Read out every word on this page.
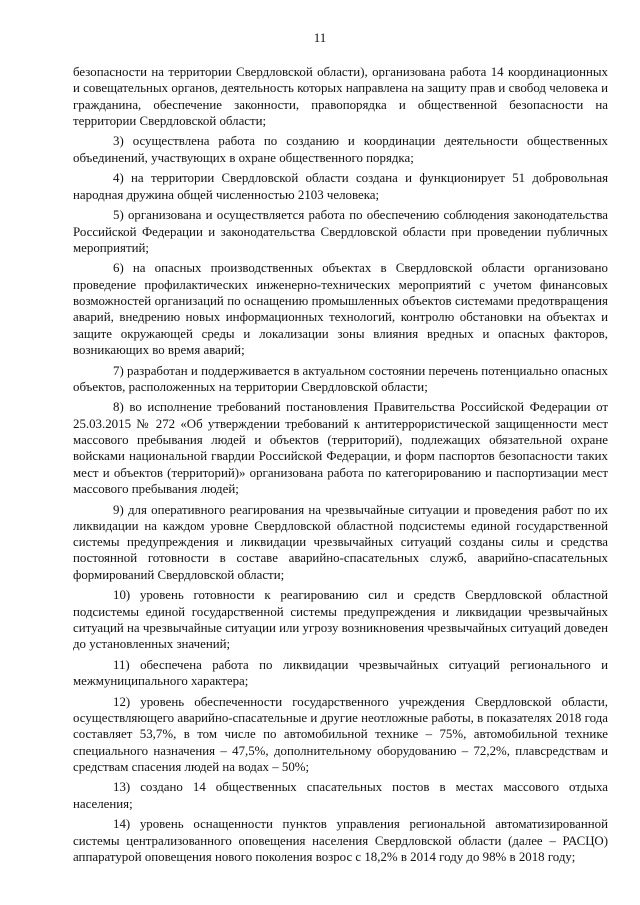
11

безопасности на территории Свердловской области), организована работа 14 координационных и совещательных органов, деятельность которых направлена на защиту прав и свобод человека и гражданина, обеспечение законности, правопорядка и общественной безопасности на территории Свердловской области;

3) осуществлена работа по созданию и координации деятельности общественных объединений, участвующих в охране общественного порядка;

4) на территории Свердловской области создана и функционирует 51 добровольная народная дружина общей численностью 2103 человека;

5) организована и осуществляется работа по обеспечению соблюдения законодательства Российской Федерации и законодательства Свердловской области при проведении публичных мероприятий;

6) на опасных производственных объектах в Свердловской области организовано проведение профилактических инженерно-технических мероприятий с учетом финансовых возможностей организаций по оснащению промышленных объектов системами предотвращения аварий, внедрению новых информационных технологий, контролю обстановки на объектах и защите окружающей среды и локализации зоны влияния вредных и опасных факторов, возникающих во время аварий;

7) разработан и поддерживается в актуальном состоянии перечень потенциально опасных объектов, расположенных на территории Свердловской области;

8) во исполнение требований постановления Правительства Российской Федерации от 25.03.2015 № 272 «Об утверждении требований к антитеррористической защищенности мест массового пребывания людей и объектов (территорий), подлежащих обязательной охране войсками национальной гвардии Российской Федерации, и форм паспортов безопасности таких мест и объектов (территорий)» организована работа по категорированию и паспортизации мест массового пребывания людей;

9) для оперативного реагирования на чрезвычайные ситуации и проведения работ по их ликвидации на каждом уровне Свердловской областной подсистемы единой государственной системы предупреждения и ликвидации чрезвычайных ситуаций созданы силы и средства постоянной готовности в составе аварийно-спасательных служб, аварийно-спасательных формирований Свердловской области;

10) уровень готовности к реагированию сил и средств Свердловской областной подсистемы единой государственной системы предупреждения и ликвидации чрезвычайных ситуаций на чрезвычайные ситуации или угрозу возникновения чрезвычайных ситуаций доведен до установленных значений;

11) обеспечена работа по ликвидации чрезвычайных ситуаций регионального и межмуниципального характера;

12) уровень обеспеченности государственного учреждения Свердловской области, осуществляющего аварийно-спасательные и другие неотложные работы, в показателях 2018 года составляет 53,7%, в том числе по автомобильной технике – 75%, автомобильной технике специального назначения – 47,5%, дополнительному оборудованию – 72,2%, плавсредствам и средствам спасения людей на водах – 50%;

13) создано 14 общественных спасательных постов в местах массового отдыха населения;

14) уровень оснащенности пунктов управления региональной автоматизированной системы централизованного оповещения населения Свердловской области (далее – РАСЦО) аппаратурой оповещения нового поколения возрос с 18,2% в 2014 году до 98% в 2018 году;
